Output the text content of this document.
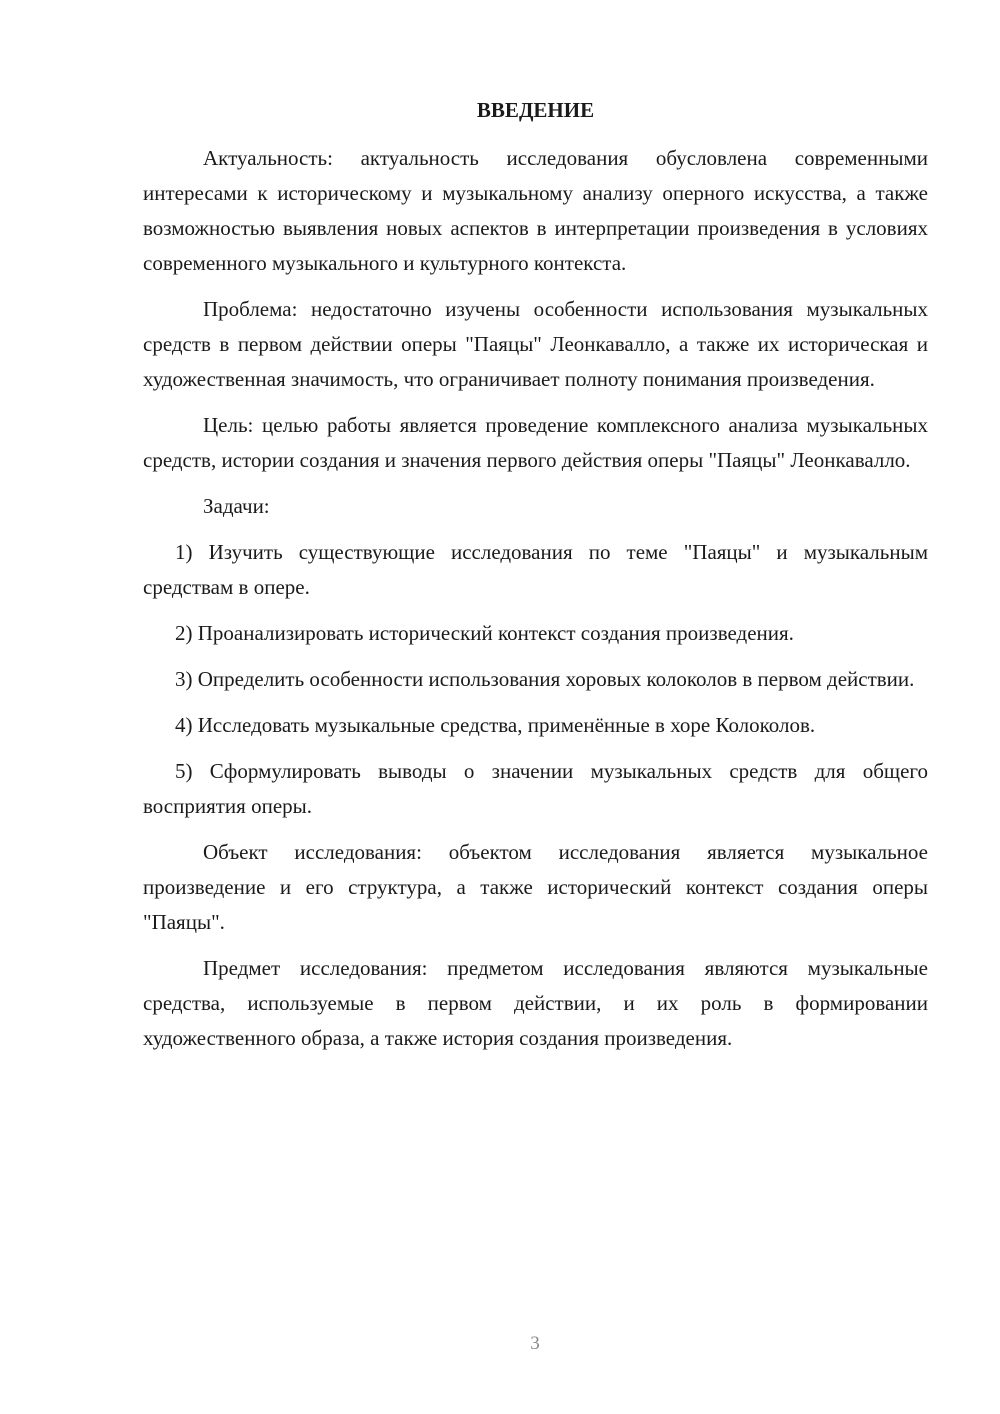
ВВЕДЕНИЕ

Актуальность: актуальность исследования обусловлена современными интересами к историческому и музыкальному анализу оперного искусства, а также возможностью выявления новых аспектов в интерпретации произведения в условиях современного музыкального и культурного контекста.

Проблема: недостаточно изучены особенности использования музыкальных средств в первом действии оперы "Паяцы" Леонкавалло, а также их историческая и художественная значимость, что ограничивает полноту понимания произведения.

Цель: целью работы является проведение комплексного анализа музыкальных средств, истории создания и значения первого действия оперы "Паяцы" Леонкавалло.

Задачи:

1) Изучить существующие исследования по теме "Паяцы" и музыкальным средствам в опере.

2) Проанализировать исторический контекст создания произведения.

3) Определить особенности использования хоровых колоколов в первом действии.

4) Исследовать музыкальные средства, применённые в хоре Колоколов.

5) Сформулировать выводы о значении музыкальных средств для общего восприятия оперы.

Объект исследования: объектом исследования является музыкальное произведение и его структура, а также исторический контекст создания оперы "Паяцы".

Предмет исследования: предметом исследования являются музыкальные средства, используемые в первом действии, и их роль в формировании художественного образа, а также история создания произведения.

3
